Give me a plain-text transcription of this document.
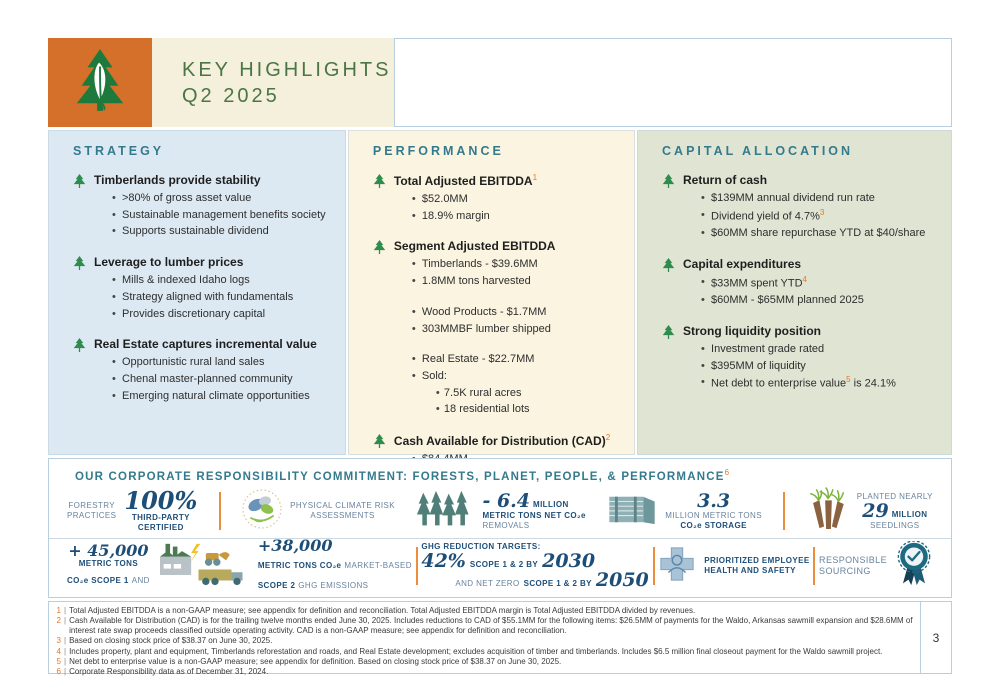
KEY HIGHLIGHTS
Q2 2025
STRATEGY
Timberlands provide stability
• >80% of gross asset value
• Sustainable management benefits society
• Supports sustainable dividend
Leverage to lumber prices
• Mills & indexed Idaho logs
• Strategy aligned with fundamentals
• Provides discretionary capital
Real Estate captures incremental value
• Opportunistic rural land sales
• Chenal master-planned community
• Emerging natural climate opportunities
PERFORMANCE
Total Adjusted EBITDDA$^1$
• $52.0MM
• 18.9% margin
Segment Adjusted EBITDDA
• Timberlands - $39.6MM
• 1.8MM tons harvested
• Wood Products - $1.7MM
• 303MMBF lumber shipped
• Real Estate - $22.7MM
• Sold:
• 7.5K rural acres
• 18 residential lots
Cash Available for Distribution (CAD)$^2$
•
CAPITAL ALLOCATION
Return of cash
• $139MM annual dividend run rate
• Dividend yield of 4.7%$^3$
• $60MM share repurchase YTD at $40/share
Capital expenditures
• $33MM spent YTD$^4$
• $60MM - $65MM planned 2025
Strong liquidity position
• Investment grade rated
• $395MM of liquidity
• Net debt to enterprise value$^5$ is 24.1%
OUR CORPORATE RESPONSIBILITY COMMITMENT: FORESTS, PLANET, PEOPLE, & PERFORMANCE$^6$
FORESTRY
PRACTICES
100%
THIRD-PARTY
CERTIFIED
PHYSICAL CLIMATE RISK
ASSESSMENTS
- 6.4 MILLION
METRIC TONS NET CO₂e
REMOVALS
3.3
MILLION METRIC TONS
CO₂e STORAGE
PLANTED NEARLY
29 MILLION
SEEDLINGS
+ 45,000
METRIC TONS
CO₂e SCOPE 1 AND
+38,000
METRIC TONS CO₂e MARKET-BASED
SCOPE 2 GHG EMISSIONS
GHG REDUCTION TARGETS:
42% SCOPE 1 & 2 BY 2030
AND NET ZERO SCOPE 1 & 2 BY 2050
PRIORITIZED EMPLOYEE
HEALTH AND SAFETY
RESPONSIBLE
SOURCING
1 | Total Adjusted EBITDDA is a non-GAAP measure; see appendix for definition and reconciliation. Total Adjusted EBITDDA margin is Total Adjusted EBITDDA divided by revenues.
2 | Cash Available for Distribution (CAD) is for the trailing twelve months ended June 30, 2025. Includes reductions to CAD of $55.1MM for the following items: $26.5MM of payments for the Waldo, Arkansas sawmill expansion and $28.6MM of interest rate swap proceeds classified outside operating activity. CAD is a non-GAAP measure; see appendix for definition and reconciliation.
3 | Based on closing stock price of $38.37 on June 30, 2025.
4 | Includes property, plant and equipment, Timberlands reforestation and roads, and Real Estate development; excludes acquisition of timber and timberlands. Includes $6.5 million final closeout payment for the Waldo sawmill project.
5 | Net debt to enterprise value is a non-GAAP measure; see appendix for definition. Based on closing stock price of $38.37 on June 30, 2025.
6 | Corporate Responsibility data as of December 31, 2024.
3
